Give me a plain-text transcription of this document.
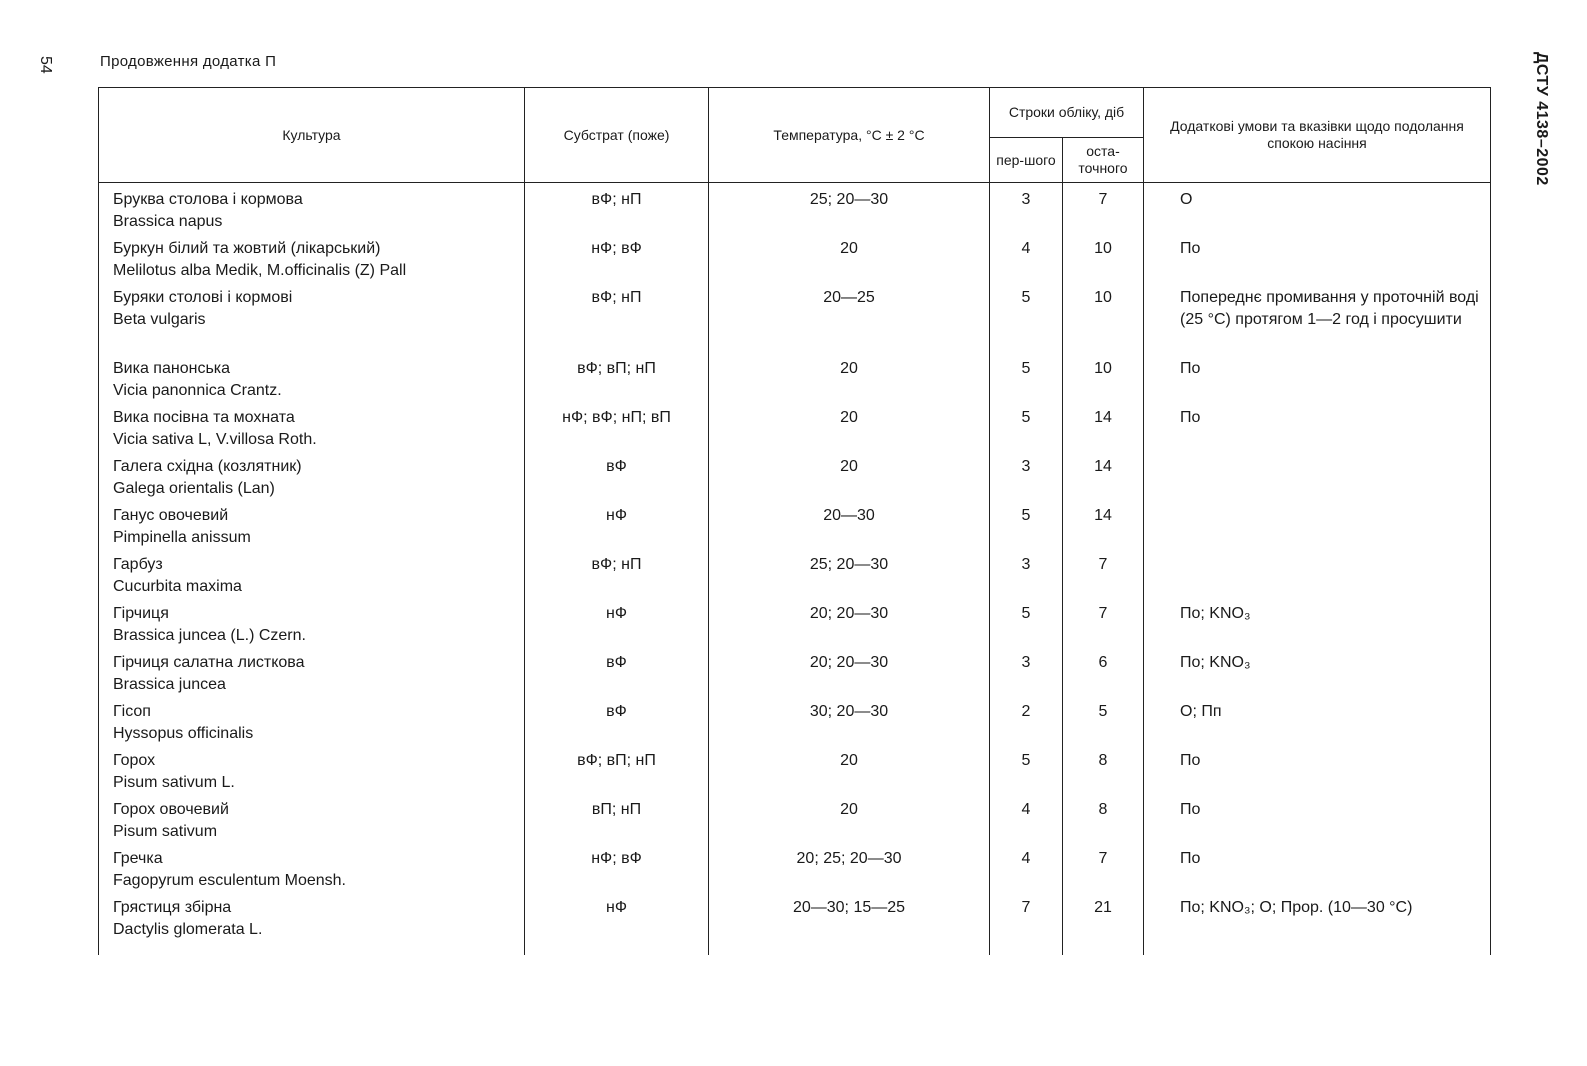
54	Продовження додатка П	ДСТУ 4138–2002
Культура	Субстрат (поже)	Температура, °С ± 2 °С	Строки обліку, діб		Додаткові умови та вказівки щодо подолання спокою насіння
			пер-шого	оста-точного	

Бруква столова і кормова
Brassica napus	вФ; нП	25; 20—30	3	7	О

Буркун білий та жовтий (лікарський)
Melilotus alba Medik, M.officinalis (Z) Pall	нФ; вФ	20	4	10	По

Буряки столові і кормові
Beta vulgaris	вФ; нП	20—25	5	10	Попереднє промивання у проточній воді (25 °С) протягом 1—2 год і просушити

Вика панонська
Vicia panonnica Crantz.	вФ; вП; нП	20	5	10	По

Вика посівна та мохната
Vicia sativa L, V.villosa Roth.	нФ; вФ; нП; вП	20	5	14	По

Галега східна (козлятник)
Galega orientalis (Lan)	вФ	20	3	14	

Ганус овочевий
Pimpinella anissum	нФ	20—30	5	14	

Гарбуз
Cucurbita maxima	вФ; нП	25; 20—30	3	7	

Гірчиця
Brassica juncea (L.) Czern.	нФ	20; 20—30	5	7	По; KNO₃

Гірчиця салатна листкова
Brassica juncea	вФ	20; 20—30	3	6	По; KNO₃

Гісоп
Hyssopus officinalis	вФ	30; 20—30	2	5	О; Пп

Горох
Pisum sativum L.	вФ; вП; нП	20	5	8	По

Горох овочевий
Pisum sativum	вП; нП	20	4	8	По

Гречка
Fagopyrum esculentum Moensh.	нФ; вФ	20; 25; 20—30	4	7	По

Грястиця збірна
Dactylis glomerata L.	нФ	20—30; 15—25	7	21	По; KNO₃; О; Прор. (10—30 °С)
